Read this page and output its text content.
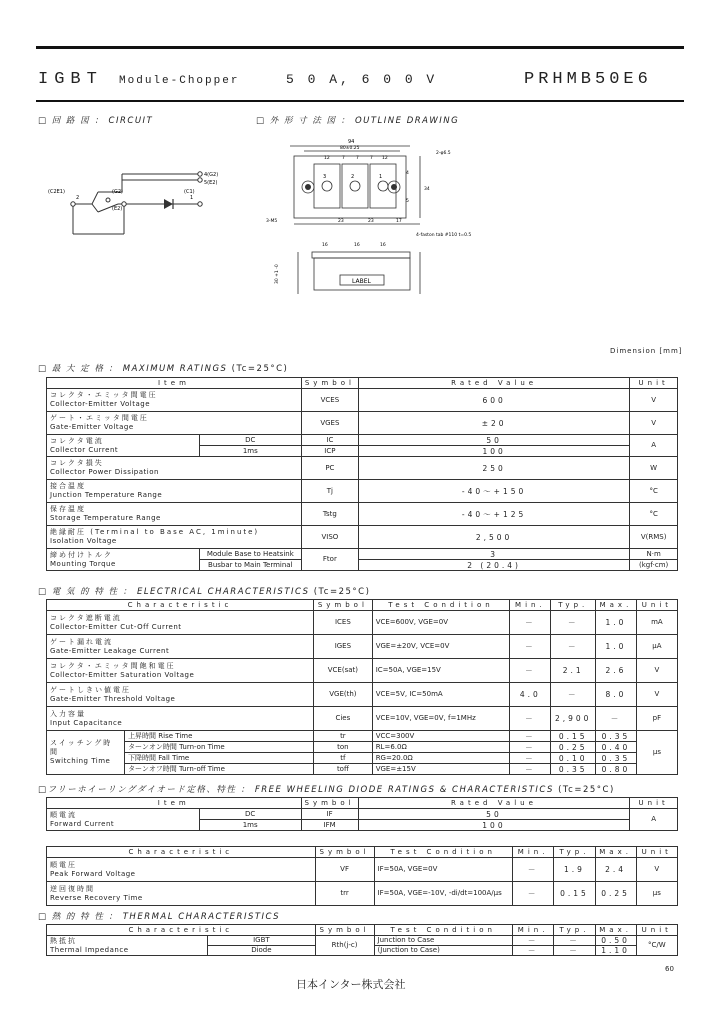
IGBT Module-Chopper	5 0 A, 6 0 0 V	PRHMB50E6
□ 回 路 図 ： CIRCUIT	□ 外 形 寸 法 図 ： OUTLINE DRAWING
4(G2)
5(E2)
(C2E1)	(G2)	(C1)
2	1
(E2)
94
80±0.25
12	7 7 7 12
3	2	1
4
5
2-φ6.5
34
3-M5	23	23	17
4-faston tab #110 t=0.5
16	16	16
LABEL
30 +1 -0
Dimension [mm]
□ 最 大 定 格 ： MAXIMUM RATINGS (Tc=25°C)
Item		Symbol	Rated Value	Unit

コレクタ・エミッタ間電圧
Collector-Emitter Voltage		VCES	600	V

ゲート・エミッタ間電圧
Gate-Emitter Voltage		VGES	±20	V

コレクタ電流
Collector Current	DC	IC	50	A
	1ms	ICP	100	

コレクタ損失
Collector Power Dissipation		PC	250	W

接合温度
Junction Temperature Range		Tj	-40～+150	°C

保存温度
Storage Temperature Range		Tstg	-40～+125	°C

絶縁耐圧 (Terminal to Base AC, 1minute)
Isolation Voltage		VISO	2,500	V(RMS)

締め付けトルク
Mounting Torque	Module Base to Heatsink	Ftor	3	N·m
	Busbar to Main Terminal		2 (20.4)	(kgf·cm)
□ 電 気 的 特 性 ： ELECTRICAL CHARACTERISTICS (Tc=25°C)
Characteristic		Symbol	Test Condition	Min.	Typ.	Max.	Unit

コレクタ遮断電流
Collector-Emitter Cut-Off Current		ICES	VCE=600V, VGE=0V	－	－	1.0	mA

ゲート漏れ電流
Gate-Emitter Leakage Current		IGES	VGE=±20V, VCE=0V	－	－	1.0	μA

コレクタ・エミッタ間飽和電圧
Collector-Emitter Saturation Voltage		VCE(sat)	IC=50A, VGE=15V	－	2.1	2.6	V

ゲートしきい値電圧
Gate-Emitter Threshold Voltage		VGE(th)	VCE=5V, IC=50mA	4.0	－	8.0	V

入力容量
Input Capacitance		Cies	VCE=10V, VGE=0V, f=1MHz	－	2,900	－	pF

スイッチング時間
Switching Time	上昇時間 Rise Time	tr	VCC=300V	－	0.15	0.35	μs
	ターンオン時間 Turn-on Time	ton	RL=6.0Ω	－	0.25	0.40	
	下降時間 Fall Time	tf	RG=20.0Ω	－	0.10	0.35	
	ターンオフ時間 Turn-off Time	toff	VGE=±15V	－	0.35	0.80	
□フリーホイーリングダイオード定格、特性 ： FREE WHEELING DIODE RATINGS & CHARACTERISTICS (Tc=25°C)
Item		Symbol	Rated Value	Unit

順電流
Forward Current	DC	IF	50	A
	1ms	IFM	100	
Characteristic	Symbol	Test Condition	Min.	Typ.	Max.	Unit

順電圧
Peak Forward Voltage	VF	IF=50A, VGE=0V	－	1.9	2.4	V

逆回復時間
Reverse Recovery Time	trr	IF=50A, VGE=-10V, -di/dt=100A/μs	－	0.15	0.25	μs
□ 熱 的 特 性 ： THERMAL CHARACTERISTICS
Characteristic		Symbol	Test Condition	Min.	Typ.	Max.	Unit

熱抵抗
Thermal Impedance	IGBT	Rth(j-c)	Junction to Case	－	－	0.50	°C/W
	Diode		(Junction to Case)	－	－	1.10	
60
日本インター株式会社
